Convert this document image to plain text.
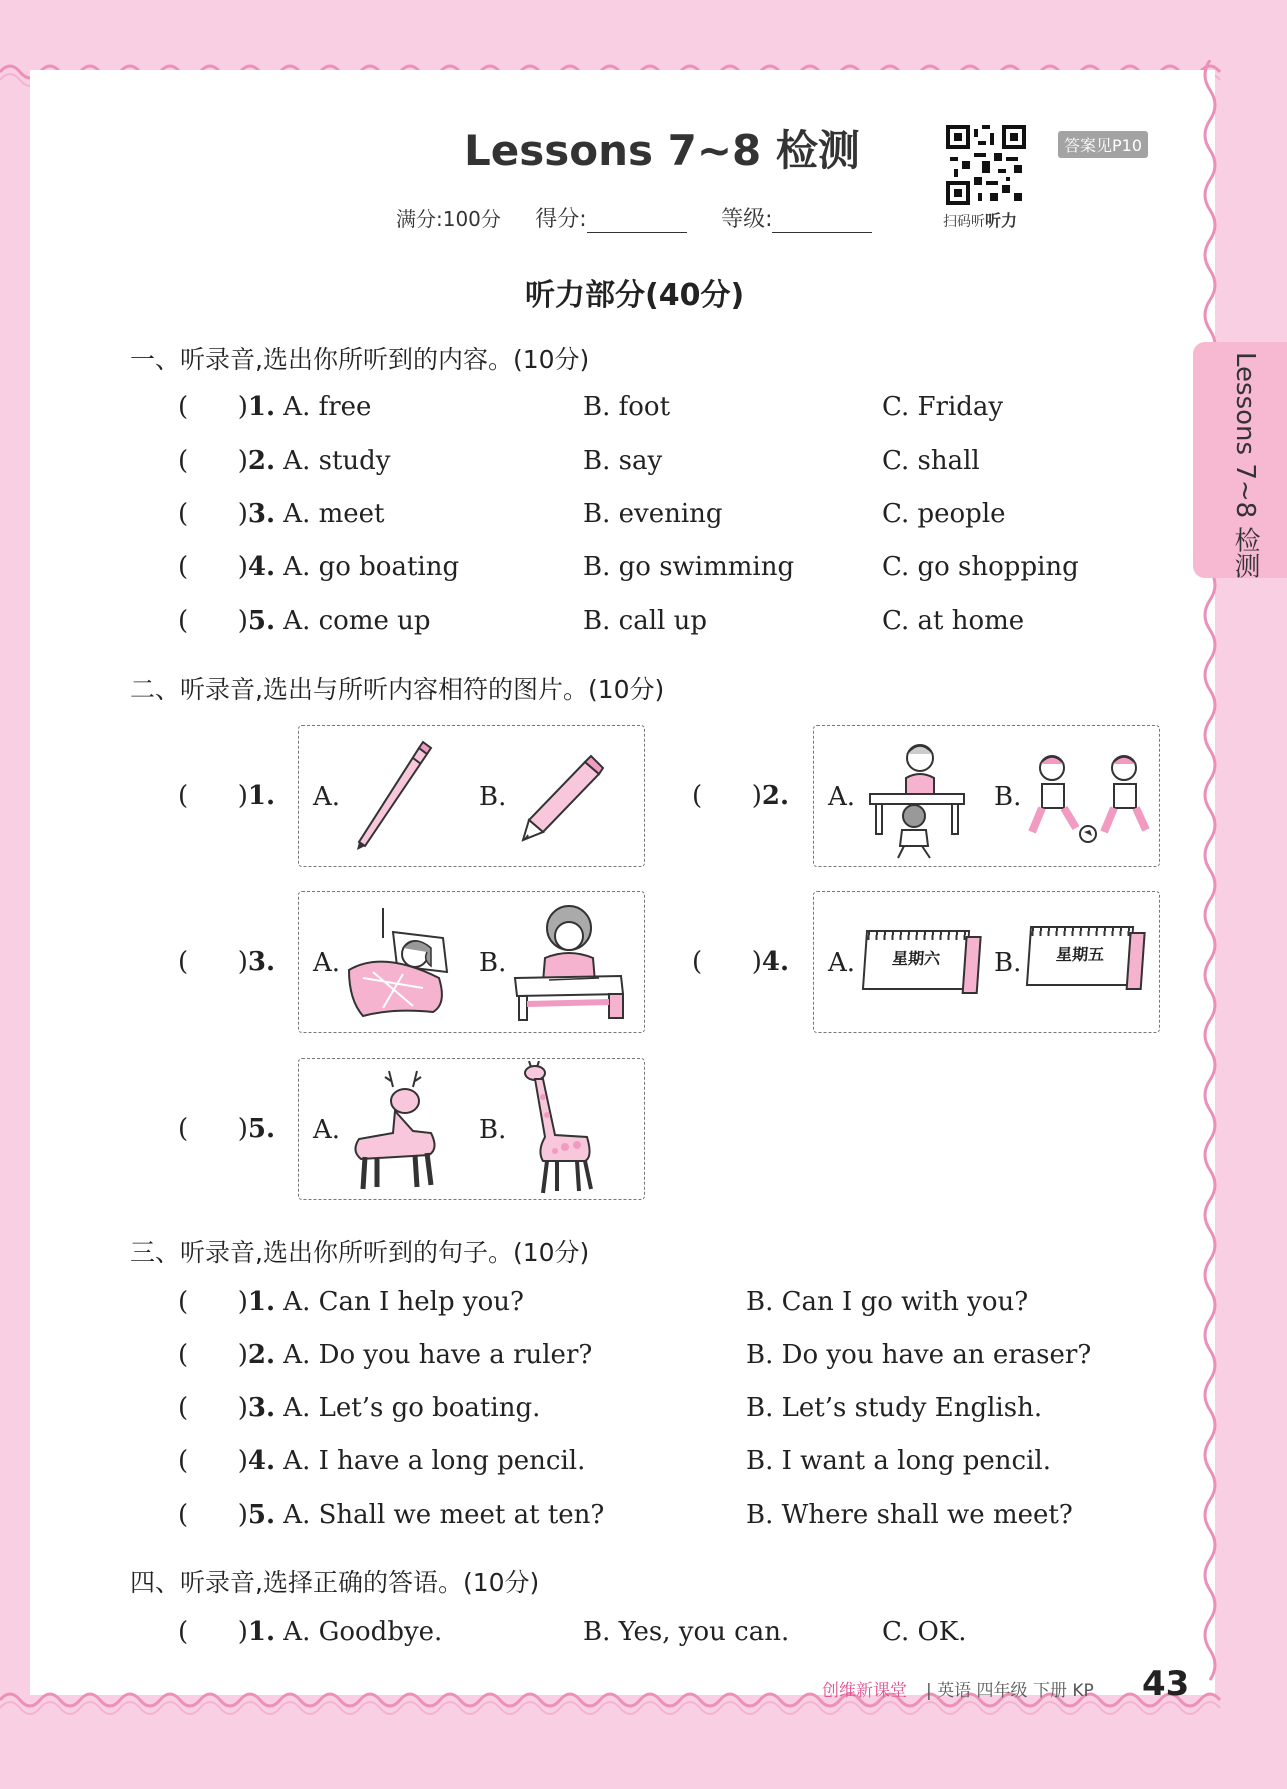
Lessons 7~8 检测
扫码听听力
答案见P10
满分:100分 得分:	等级:
听力部分(40分)
Lessons 7~8 检测
一、听录音,选出你所听到的内容。(10分)
(      )1. A. free	B. foot	C. Friday
(      )2. A. study	B. say	C. shall
(      )3. A. meet	B. evening	C. people
(      )4. A. go boating	B. go swimming	C. go shopping
(      )5. A. come up	B. call up	C. at home
二、听录音,选出与所听内容相符的图片。(10分)
(      )1. A.	B.	(      )2. A.	B.
(      )3. A.	B.	(      )4. A.	星期六	B.	星期五
(      )5. A.	B.
三、听录音,选出你所听到的句子。(10分)
(      )1. A. Can I help you?	B. Can I go with you?
(      )2. A. Do you have a ruler?	B. Do you have an eraser?
(      )3. A. Let’s go boating.	B. Let’s study English.
(      )4. A. I have a long pencil.	B. I want a long pencil.
(      )5. A. Shall we meet at ten?	B. Where shall we meet?
四、听录音,选择正确的答语。(10分)
(      )1. A. Goodbye.	B. Yes, you can.	C. OK.
创维新课堂 | 英语 四年级 下册 KP 43
